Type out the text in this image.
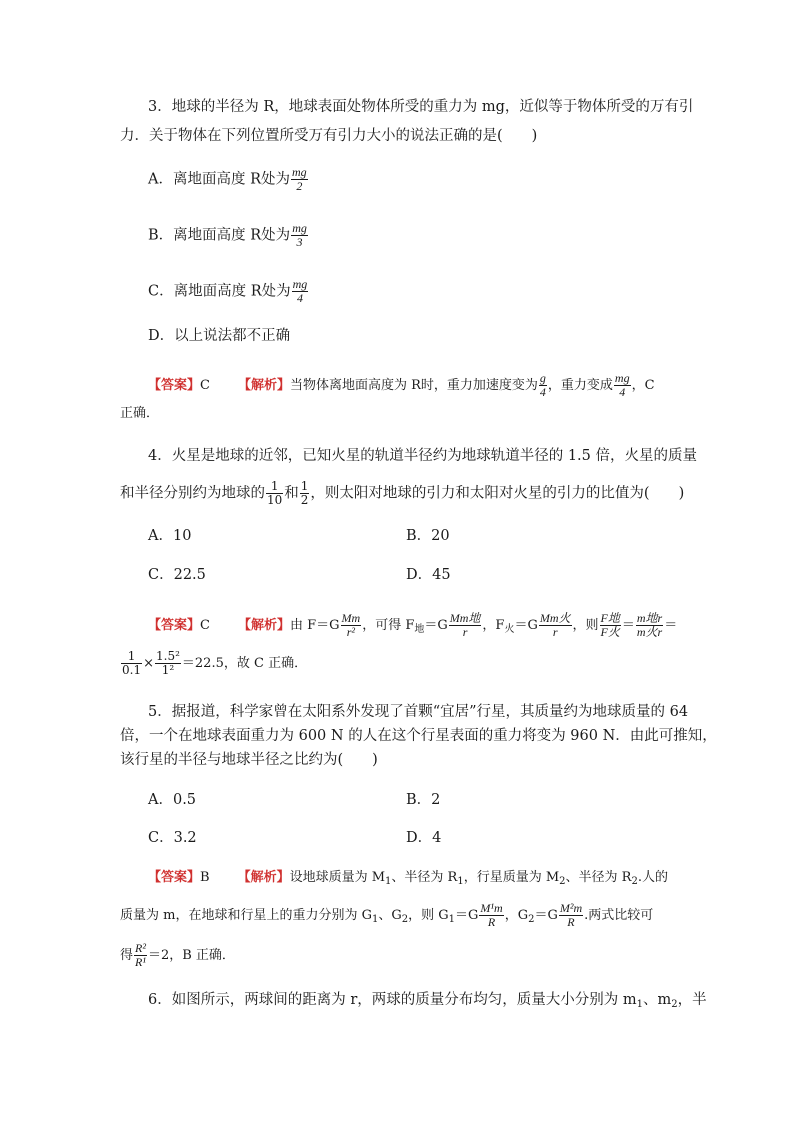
3．地球的半径为 R，地球表面处物体所受的重力为 mg，近似等于物体所受的万有引
力．关于物体在下列位置所受万有引力大小的说法正确的是(　　)
A．离地面高度 R处为 $\frac{mg}{2}$
B．离地面高度 R处为 $\frac{mg}{3}$
C．离地面高度 R处为 $\frac{mg}{4}$
D．以上说法都不正确
【答案】C 【解析】当物体离地面高度为 R时，重力加速度变为 $\frac{g}{4}$ ，重力变成 $\frac{mg}{4}$ ，C
正确．
4．火星是地球的近邻，已知火星的轨道半径约为地球轨道半径的 1.5 倍，火星的质量
和半径分别约为地球的 $\frac{1}{10}$ 和 $\frac{1}{2}$ ，则太阳对地球的引力和太阳对火星的引力的比值为(　　)
A．10	B．20
C．22.5	D．45
【答案】C 【解析】由 $F=G \frac{Mm}{\text{r²}}$ ，可得 $F_地=G \frac{\text{Mm地}}{r}$ ，$F_火=G \frac{\text{Mm火}}{r}$ ，则 $\frac{\text{F地}}{\text{F火}} = \frac{\text{m地r}}{\text{m火r}}$ ＝
$\frac{1}{0.1} \times \frac{\text{1.5²}}{\text{1²}} =22.5$，故 C 正确．
5．据报道，科学家曾在太阳系外发现了首颗“宜居”行星，其质量约为地球质量的 64
倍，一个在地球表面重力为 600 N 的人在这个行星表面的重力将变为 960 N．由此可推知，
该行星的半径与地球半径之比约为(　　)
A．0.5	B．2
C．3.2	D．4
【答案】B 【解析】设地球质量为 $M_1$、半径为 $R_1$，行星质量为 $M_2$、半径为 $R_2$.人的
质量为 m，在地球和行星上的重力分别为 $G_1$、$G_2$，则 $G_1=G \frac{\text{M¹m}}{R}$ ，$G_2=G \frac{\text{M²m}}{R}$ .两式比较可
得 $\frac{\text{R²}}{\text{R¹}} =2$，B 正确．
6．如图所示，两球间的距离为 r，两球的质量分布均匀，质量大小分别为 $m_1$、$m_2$，半
